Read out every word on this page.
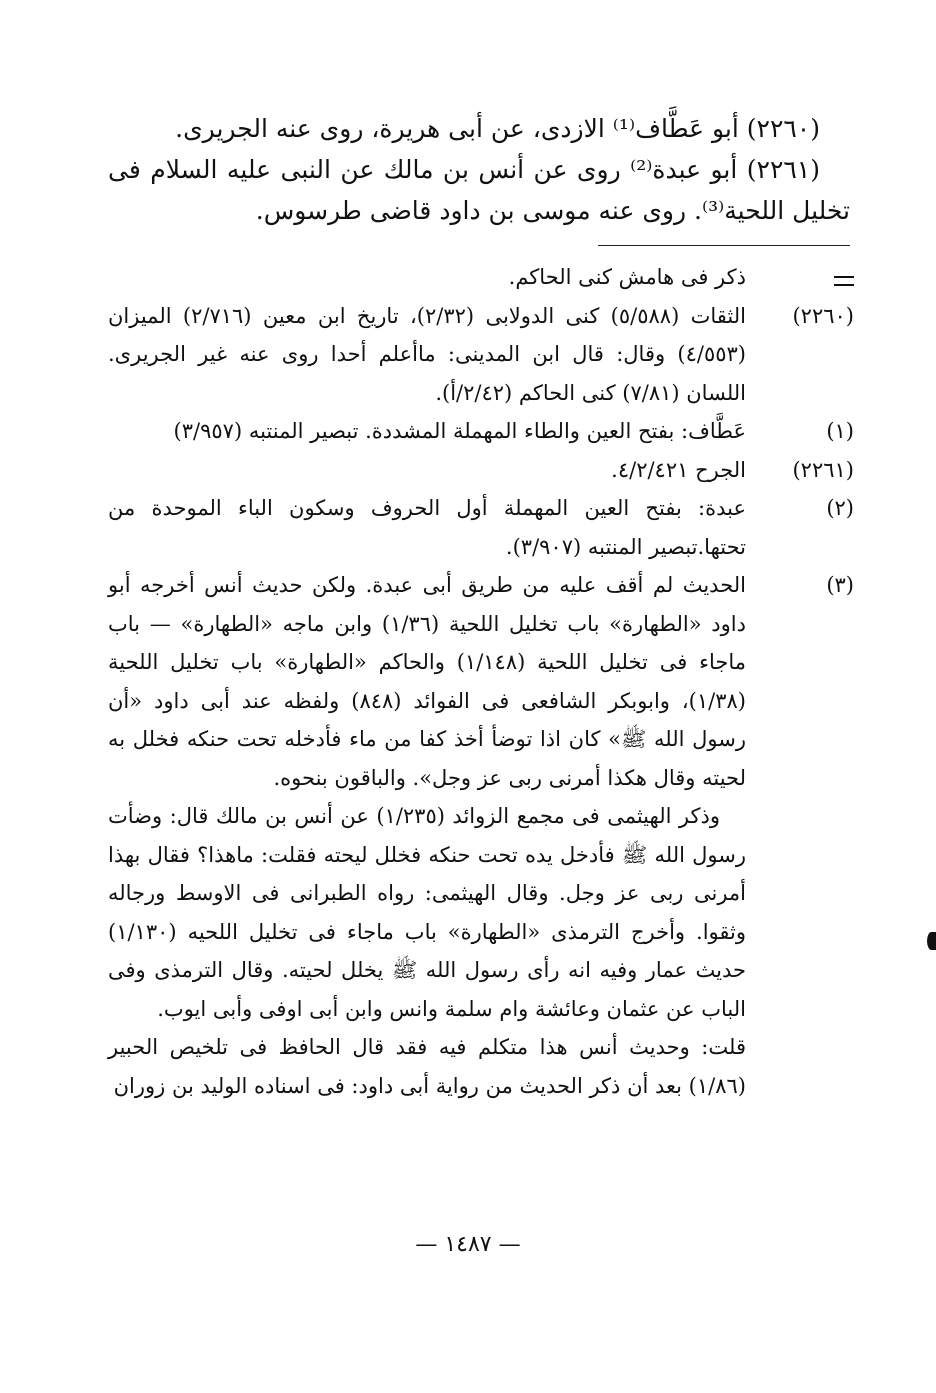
(٢٢٦٠) أبو عَطَّاف⁽¹⁾ الازدى، عن أبى هريرة، روى عنه الجريرى.

(٢٢٦١) أبو عبدة⁽²⁾ روى عن أنس بن مالك عن النبى عليه السلام فى تخليل اللحية⁽³⁾. روى عنه موسى بن داود قاضى طرسوس.

ذكر فى هامش كنى الحاكم.
(٢٢٦٠)
الثقات (٥/٥٨٨) كنى الدولابى (٢/٣٢)، تاريخ ابن معين (٢/٧١٦) الميزان (٤/٥٥٣) وقال: قال ابن المدينى: ماأعلم أحدا روى عنه غير الجريرى. اللسان (٧/٨١) كنى الحاكم (٢/٤٢/أ).
(١)
عَطَّاف: بفتح العين والطاء المهملة المشددة. تبصير المنتبه (٣/٩٥٧)
(٢٢٦١)
الجرح ٤/٢/٤٢١.
(٢)
عبدة: بفتح العين المهملة أول الحروف وسكون الباء الموحدة من تحتها.تبصير المنتبه (٣/٩٠٧).
(٣)
الحديث لم أقف عليه من طريق أبى عبدة. ولكن حديث أنس أخرجه أبو داود «الطهارة» باب تخليل اللحية (١/٣٦) وابن ماجه «الطهارة» — باب ماجاء فى تخليل اللحية (١/١٤٨) والحاكم «الطهارة» باب تخليل اللحية (١/٣٨)، وابوبكر الشافعى فى الفوائد (٨٤٨) ولفظه عند أبى داود «أن رسول الله ﷺ» كان اذا توضأ أخذ كفا من ماء فأدخله تحت حنكه فخلل به لحيته وقال هكذا أمرنى ربى عز وجل». والباقون بنحوه.
وذكر الهيثمى فى مجمع الزوائد (١/٢٣٥) عن أنس بن مالك قال: وضأت رسول الله ﷺ فأدخل يده تحت حنكه فخلل ليحته فقلت: ماهذا؟ فقال بهذا أمرنى ربى عز وجل. وقال الهيثمى: رواه الطبرانى فى الاوسط ورجاله وثقوا. وأخرج الترمذى «الطهارة» باب ماجاء فى تخليل اللحيه (١/١٣٠) حديث عمار وفيه انه رأى رسول الله ﷺ يخلل لحيته. وقال الترمذى وفى الباب عن عثمان وعائشة وام سلمة وانس وابن أبى اوفى وأبى ايوب.
قلت: وحديث أنس هذا متكلم فيه فقد قال الحافظ فى تلخيص الحبير (١/٨٦) بعد أن ذكر الحديث من رواية أبى داود: فى اسناده الوليد بن زوران
— ١٤٨٧ —
